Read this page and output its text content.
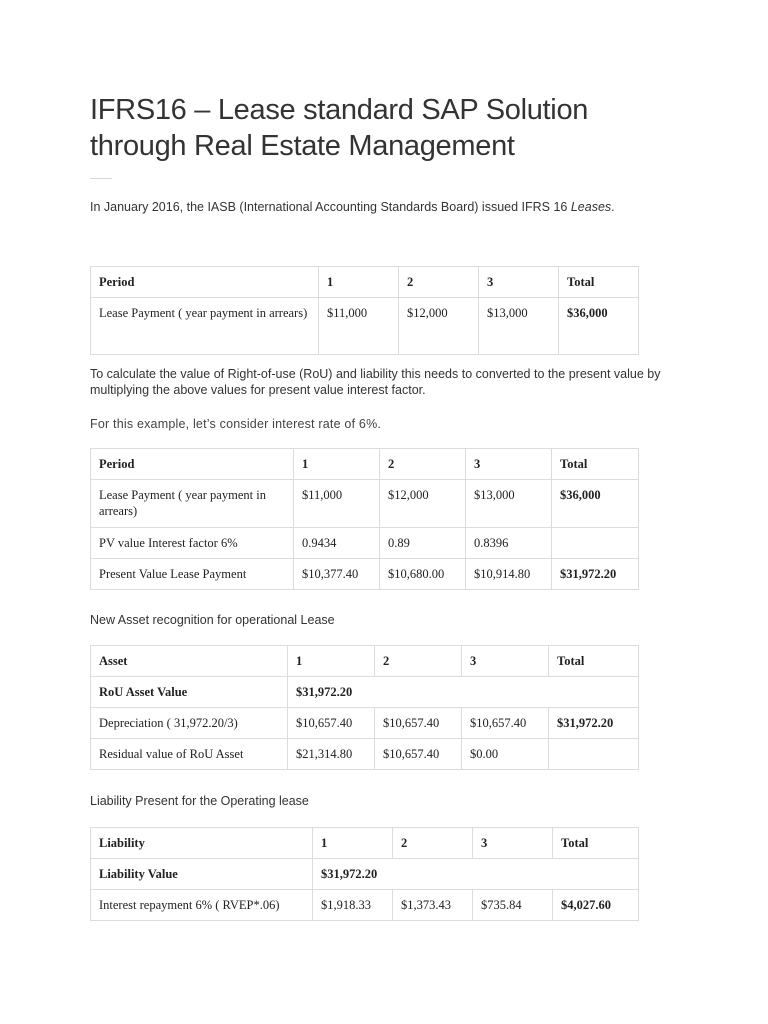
IFRS16 – Lease standard SAP Solution through Real Estate Management

In January 2016, the IASB (International Accounting Standards Board) issued IFRS 16 Leases.

Period	1	2	3	Total
Lease Payment ( year payment in arrears)	$11,000	$12,000	$13,000	$36,000

To calculate the value of Right-of-use (RoU) and liability this needs to converted to the present value by multiplying the above values for present value interest factor.

For this example, let’s consider interest rate of 6%.

Period	1	2	3	Total
Lease Payment ( year payment in arrears)	$11,000	$12,000	$13,000	$36,000
PV value Interest factor 6%	0.9434	0.89	0.8396	
Present Value Lease Payment	$10,377.40	$10,680.00	$10,914.80	$31,972.20

New Asset recognition for operational Lease

Asset	1	2	3	Total
RoU Asset Value	$31,972.20			
Depreciation ( 31,972.20/3)	$10,657.40	$10,657.40	$10,657.40	$31,972.20
Residual value of RoU Asset	$21,314.80	$10,657.40	$0.00	

Liability Present for the Operating lease

Liability	1	2	3	Total
Liability Value	$31,972.20			
Interest repayment 6% ( RVEP*.06)	$1,918.33	$1,373.43	$735.84	$4,027.60
